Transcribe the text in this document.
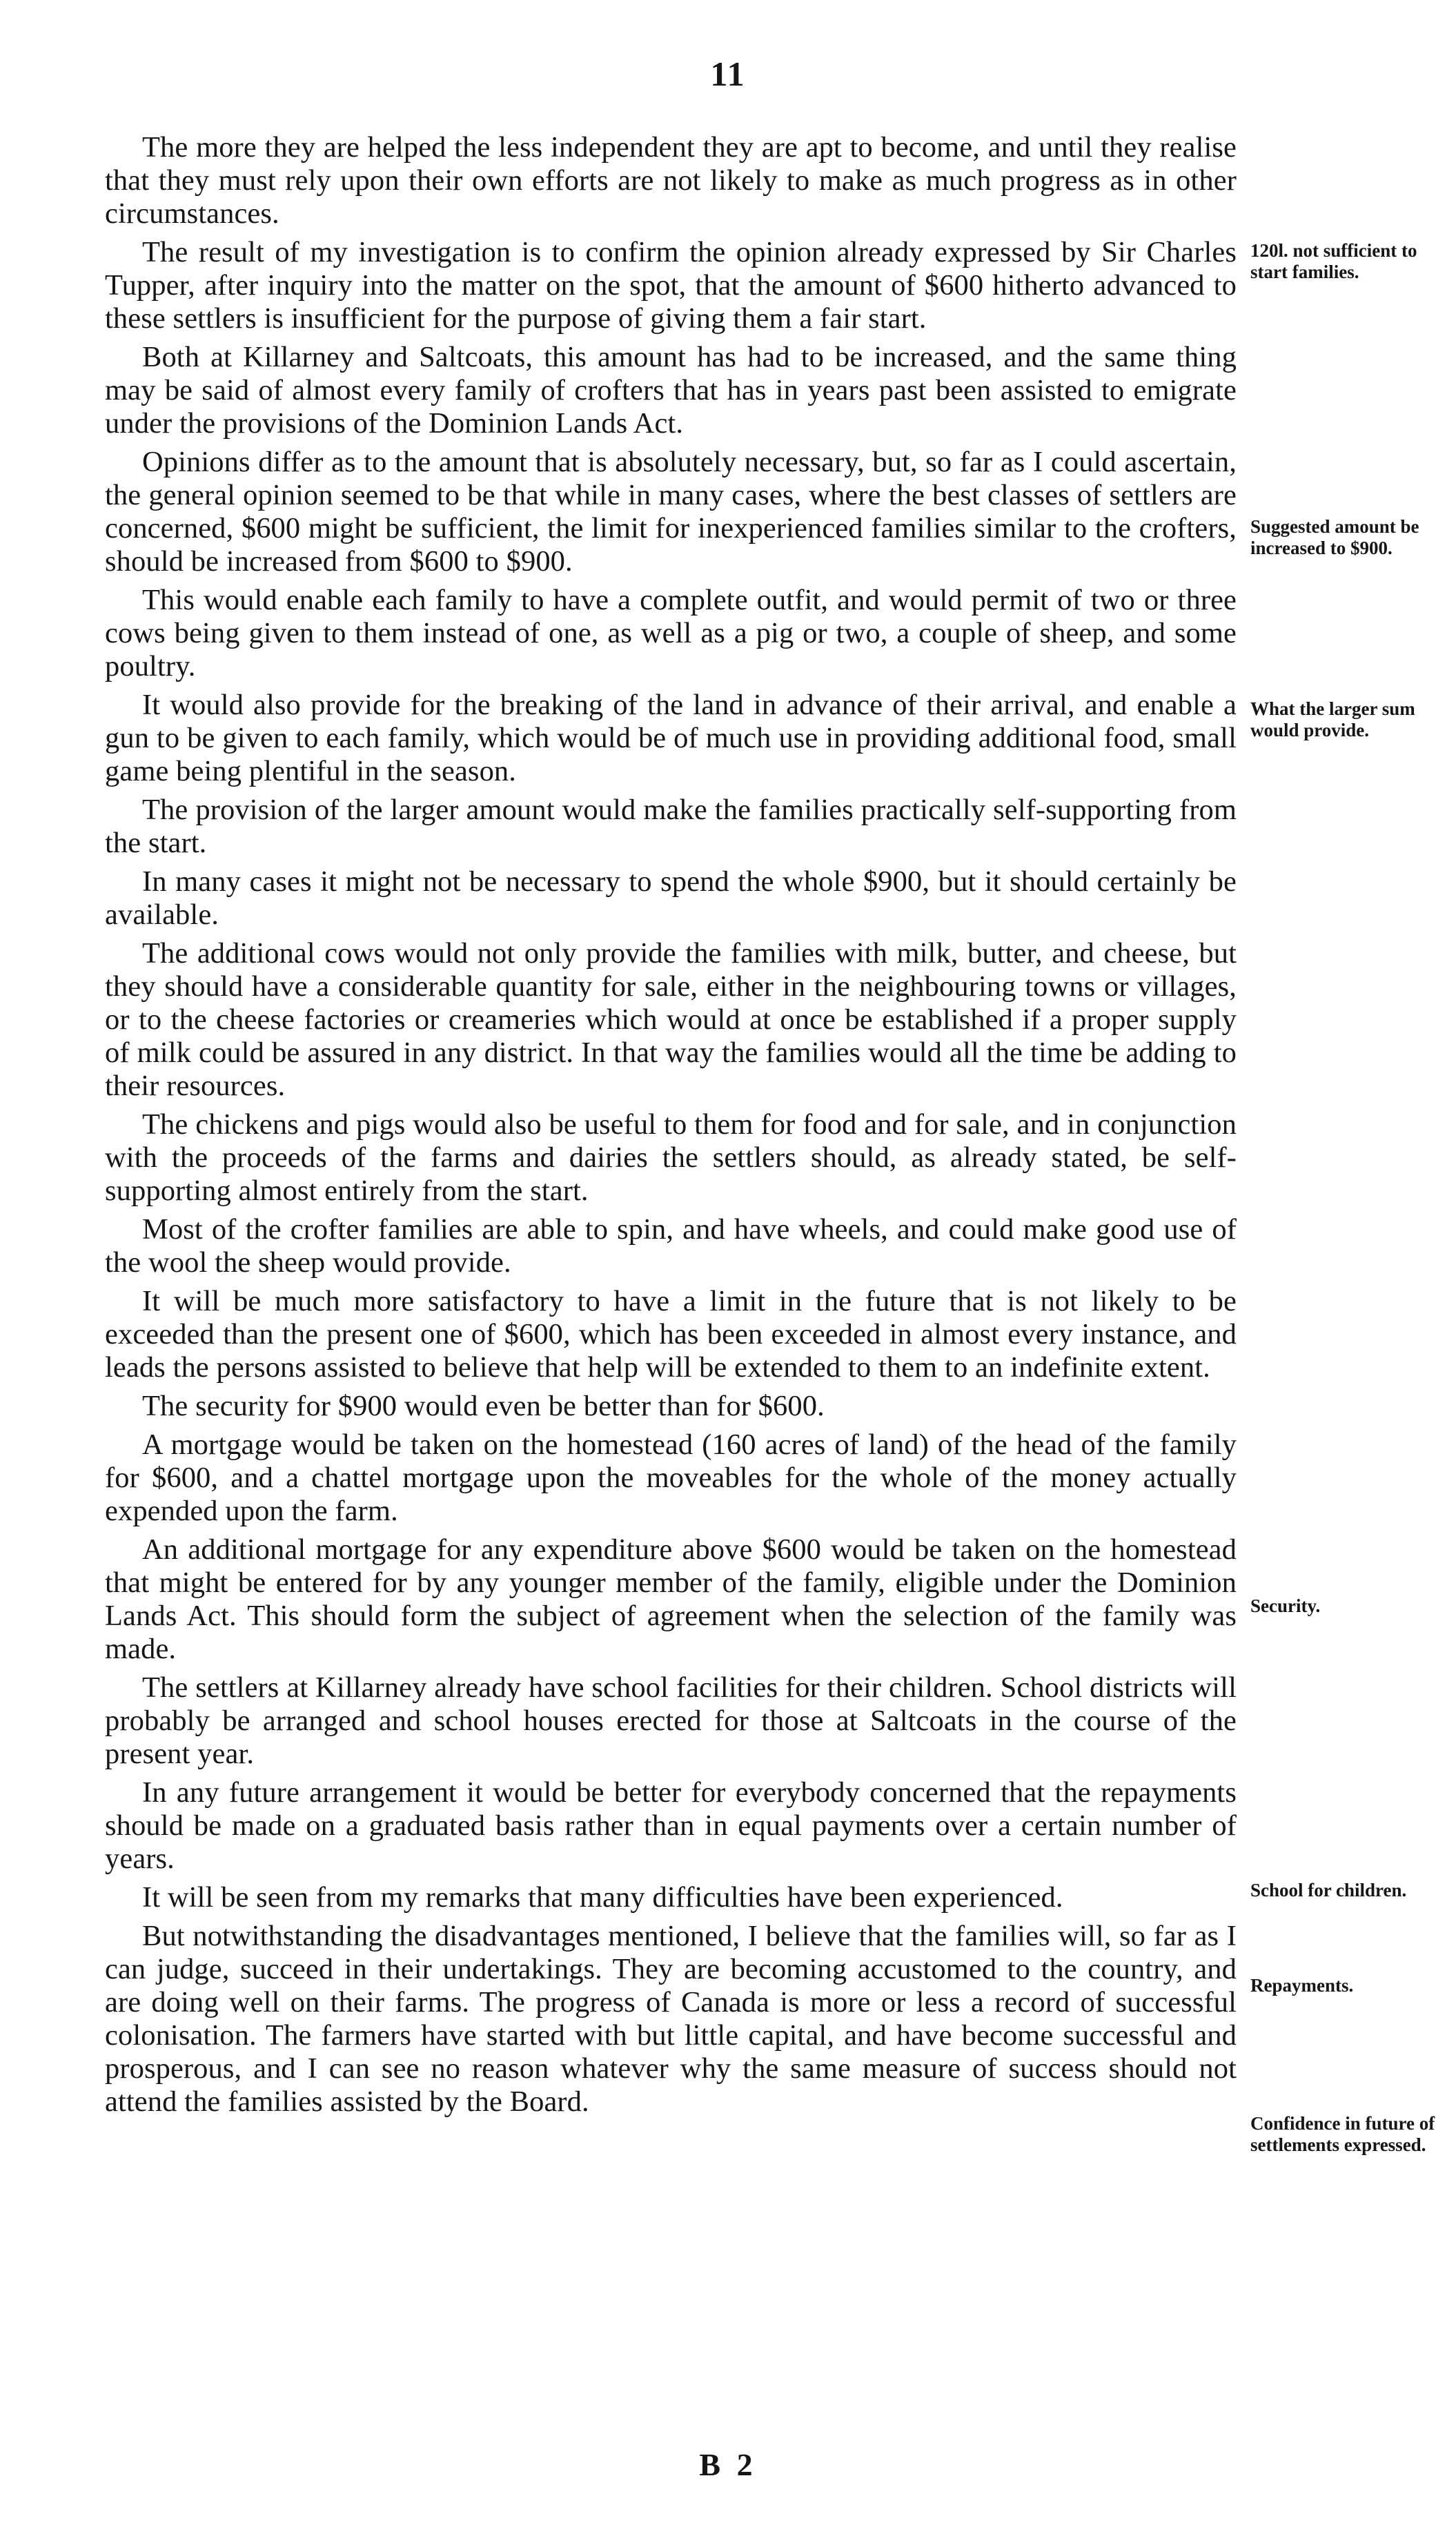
11

The more they are helped the less independent they are apt to become, and until they realise that they must rely upon their own efforts are not likely to make as much progress as in other circumstances.

The result of my investigation is to confirm the opinion already expressed by Sir Charles Tupper, after inquiry into the matter on the spot, that the amount of $600 hitherto advanced to these settlers is insufficient for the purpose of giving them a fair start.

Both at Killarney and Saltcoats, this amount has had to be increased, and the same thing may be said of almost every family of crofters that has in years past been assisted to emigrate under the provisions of the Dominion Lands Act.

Opinions differ as to the amount that is absolutely necessary, but, so far as I could ascertain, the general opinion seemed to be that while in many cases, where the best classes of settlers are concerned, $600 might be sufficient, the limit for inexperienced families similar to the crofters, should be increased from $600 to $900.

This would enable each family to have a complete outfit, and would permit of two or three cows being given to them instead of one, as well as a pig or two, a couple of sheep, and some poultry.

It would also provide for the breaking of the land in advance of their arrival, and enable a gun to be given to each family, which would be of much use in providing additional food, small game being plentiful in the season.

The provision of the larger amount would make the families practically self-supporting from the start.

In many cases it might not be necessary to spend the whole $900, but it should certainly be available.

The additional cows would not only provide the families with milk, butter, and cheese, but they should have a considerable quantity for sale, either in the neighbouring towns or villages, or to the cheese factories or creameries which would at once be established if a proper supply of milk could be assured in any district. In that way the families would all the time be adding to their resources.

The chickens and pigs would also be useful to them for food and for sale, and in conjunction with the proceeds of the farms and dairies the settlers should, as already stated, be self-supporting almost entirely from the start.

Most of the crofter families are able to spin, and have wheels, and could make good use of the wool the sheep would provide.

It will be much more satisfactory to have a limit in the future that is not likely to be exceeded than the present one of $600, which has been exceeded in almost every instance, and leads the persons assisted to believe that help will be extended to them to an indefinite extent.

The security for $900 would even be better than for $600.

A mortgage would be taken on the homestead (160 acres of land) of the head of the family for $600, and a chattel mortgage upon the moveables for the whole of the money actually expended upon the farm.

An additional mortgage for any expenditure above $600 would be taken on the homestead that might be entered for by any younger member of the family, eligible under the Dominion Lands Act. This should form the subject of agreement when the selection of the family was made.

The settlers at Killarney already have school facilities for their children. School districts will probably be arranged and school houses erected for those at Saltcoats in the course of the present year.

In any future arrangement it would be better for everybody concerned that the repayments should be made on a graduated basis rather than in equal payments over a certain number of years.

It will be seen from my remarks that many difficulties have been experienced.

But notwithstanding the disadvantages mentioned, I believe that the families will, so far as I can judge, succeed in their undertakings. They are becoming accustomed to the country, and are doing well on their farms. The progress of Canada is more or less a record of successful colonisation. The farmers have started with but little capital, and have become successful and prosperous, and I can see no reason whatever why the same measure of success should not attend the families assisted by the Board.

120l. not sufficient to start families.

Suggested amount be increased to $900.

What the larger sum would provide.

Security.

School for children.

Repayments.

Confidence in future of settlements expressed.

B 2
